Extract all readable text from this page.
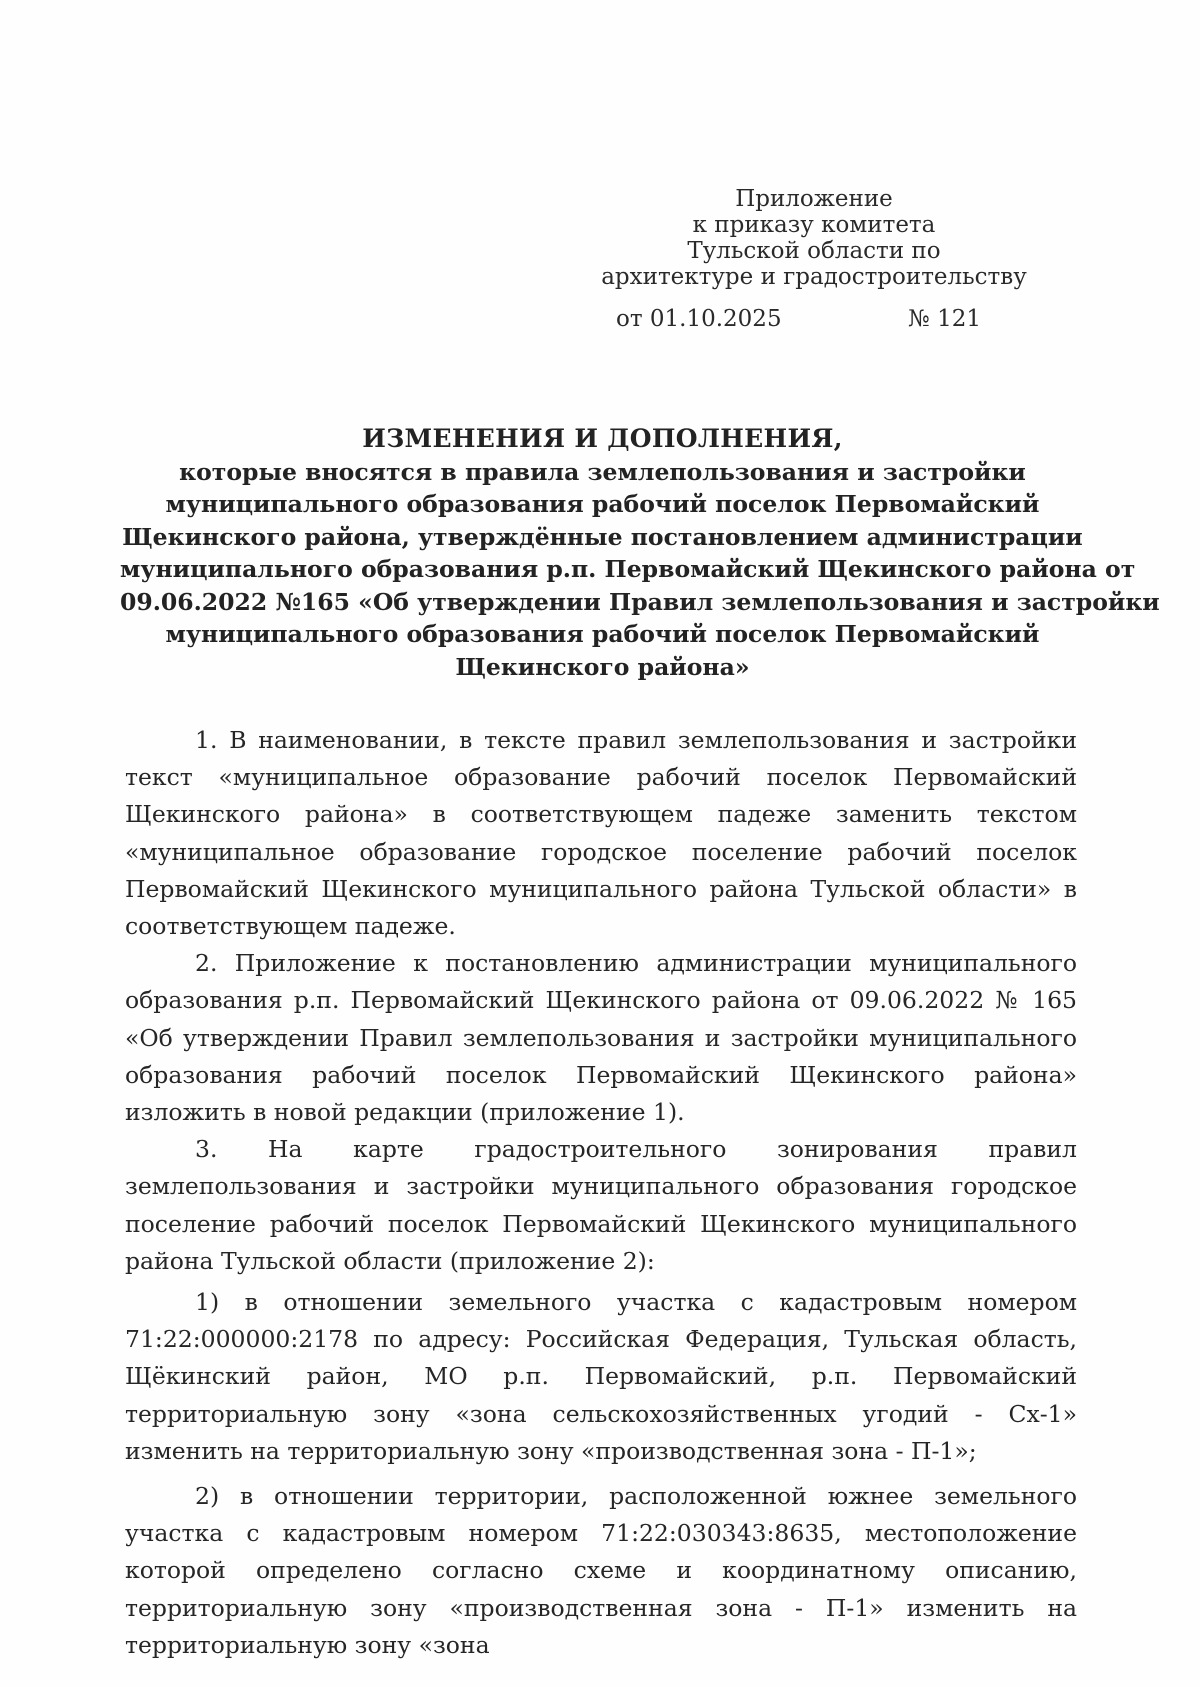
Приложение
к приказу комитета
Тульской области по
архитектуре и градостроительству
от 01.10.2025	№ 121
ИЗМЕНЕНИЯ И ДОПОЛНЕНИЯ,
которые вносятся в правила землепользования и застройки
муниципального образования рабочий поселок Первомайский
Щекинского района, утверждённые постановлением администрации
муниципального образования р.п. Первомайский Щекинского района от
09.06.2022 №165 «Об утверждении Правил землепользования и застройки
муниципального образования рабочий поселок Первомайский
Щекинского района»

1. В наименовании, в тексте правил землепользования и застройки текст «муниципальное образование рабочий поселок Первомайский Щекинского района» в соответствующем падеже заменить текстом «муниципальное образование городское поселение рабочий поселок Первомайский Щекинского муниципального района Тульской области» в соответствующем падеже.

2. Приложение к постановлению администрации муниципального образования р.п. Первомайский Щекинского района от 09.06.2022 № 165 «Об утверждении Правил землепользования и застройки муниципального образования рабочий поселок Первомайский Щекинского района» изложить в новой редакции (приложение 1).

3. На карте градостроительного зонирования правил землепользования и застройки муниципального образования городское поселение рабочий поселок Первомайский Щекинского муниципального района Тульской области (приложение 2):

1) в отношении земельного участка с кадастровым номером 71:22:000000:2178 по адресу: Российская Федерация, Тульская область, Щёкинский район, МО р.п. Первомайский, р.п. Первомайский территориальную зону «зона сельскохозяйственных угодий - Сх-1» изменить на территориальную зону «производственная зона - П-1»;

2) в отношении территории, расположенной южнее земельного участка с кадастровым номером 71:22:030343:8635, местоположение которой определено согласно схеме и координатному описанию, территориальную зону «производственная зона - П-1» изменить на территориальную зону «зона
